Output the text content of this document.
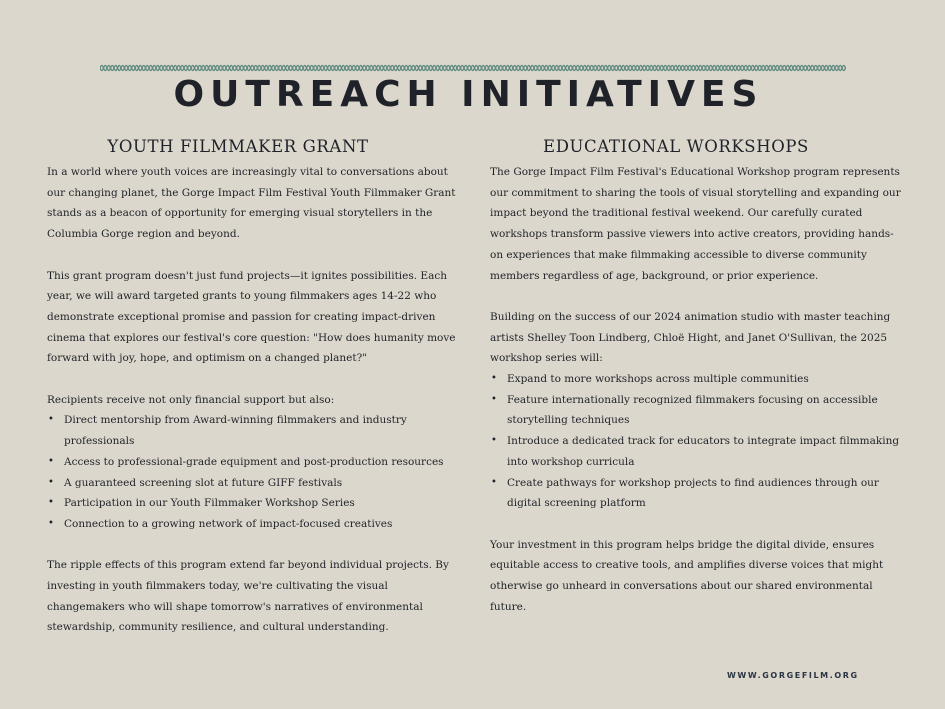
OUTREACH INITIATIVES
YOUTH FILMMAKER GRANT

In a world where youth voices are increasingly vital to conversations about our changing planet, the Gorge Impact Film Festival Youth Filmmaker Grant stands as a beacon of opportunity for emerging visual storytellers in the Columbia Gorge region and beyond.

This grant program doesn't just fund projects—it ignites possibilities. Each year, we will award targeted grants to young filmmakers ages 14-22 who demonstrate exceptional promise and passion for creating impact-driven cinema that explores our festival's core question: "How does humanity move forward with joy, hope, and optimism on a changed planet?"

Recipients receive not only financial support but also:

• Direct mentorship from Award-winning filmmakers and industry professionals
• Access to professional-grade equipment and post-production resources
• A guaranteed screening slot at future GIFF festivals
• Participation in our Youth Filmmaker Workshop Series
• Connection to a growing network of impact-focused creatives

The ripple effects of this program extend far beyond individual projects. By investing in youth filmmakers today, we're cultivating the visual changemakers who will shape tomorrow's narratives of environmental stewardship, community resilience, and cultural understanding.

EDUCATIONAL WORKSHOPS

The Gorge Impact Film Festival's Educational Workshop program represents our commitment to sharing the tools of visual storytelling and expanding our impact beyond the traditional festival weekend. Our carefully curated workshops transform passive viewers into active creators, providing hands-on experiences that make filmmaking accessible to diverse community members regardless of age, background, or prior experience.

Building on the success of our 2024 animation studio with master teaching artists Shelley Toon Lindberg, Chloë Hight, and Janet O'Sullivan, the 2025 workshop series will:

• Expand to more workshops across multiple communities
• Feature internationally recognized filmmakers focusing on accessible storytelling techniques
• Introduce a dedicated track for educators to integrate impact filmmaking into workshop curricula
• Create pathways for workshop projects to find audiences through our digital screening platform

Your investment in this program helps bridge the digital divide, ensures equitable access to creative tools, and amplifies diverse voices that might otherwise go unheard in conversations about our shared environmental future.

WWW.GORGEFILM.ORG
